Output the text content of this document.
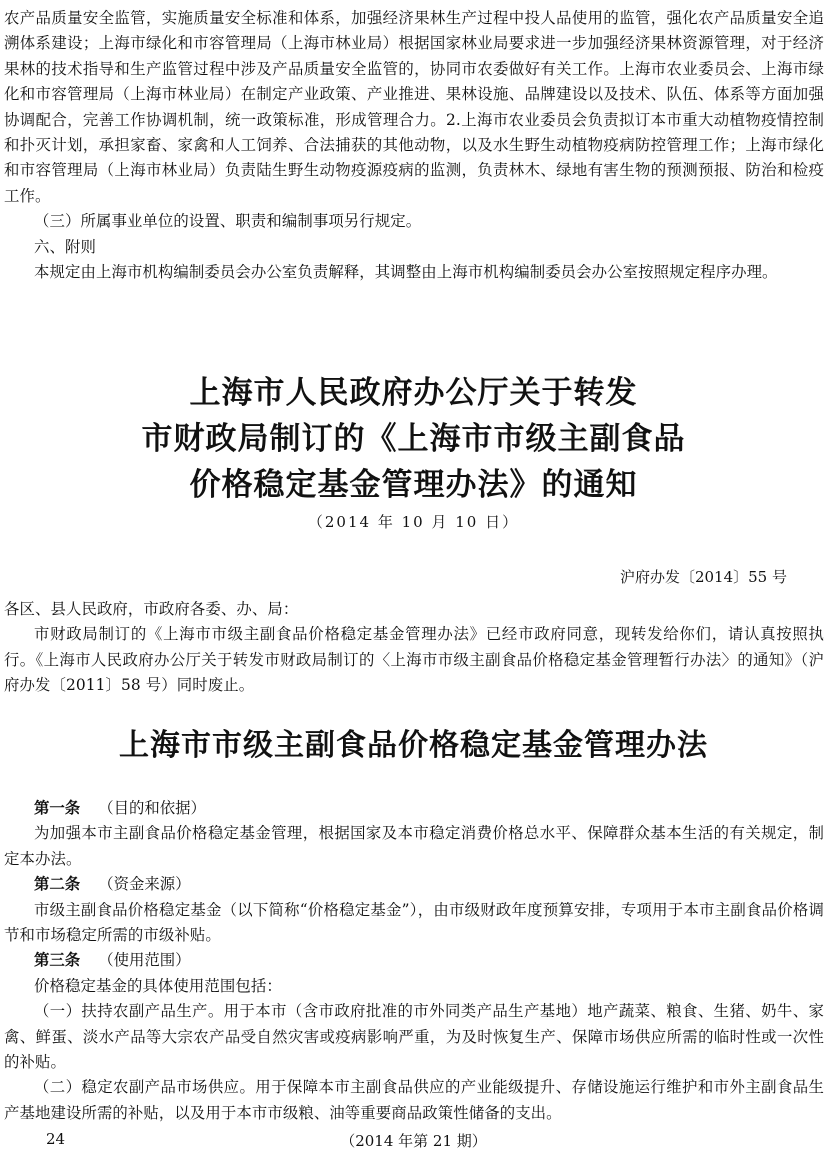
农产品质量安全监管，实施质量安全标准和体系，加强经济果林生产过程中投人品使用的监管，强化农产品质量安全追溯体系建设；上海市绿化和市容管理局（上海市林业局）根据国家林业局要求进一步加强经济果林资源管理，对于经济果林的技术指导和生产监管过程中涉及产品质量安全监管的，协同市农委做好有关工作。上海市农业委员会、上海市绿化和市容管理局（上海市林业局）在制定产业政策、产业推进、果林设施、品牌建设以及技术、队伍、体系等方面加强协调配合，完善工作协调机制，统一政策标准，形成管理合力。2.上海市农业委员会负责拟订本市重大动植物疫情控制和扑灭计划，承担家畜、家禽和人工饲养、合法捕获的其他动物，以及水生野生动植物疫病防控管理工作；上海市绿化和市容管理局（上海市林业局）负责陆生野生动物疫源疫病的监测，负责林木、绿地有害生物的预测预报、防治和检疫工作。

（三）所属事业单位的设置、职责和编制事项另行规定。

六、附则

本规定由上海市机构编制委员会办公室负责解释，其调整由上海市机构编制委员会办公室按照规定程序办理。

上海市人民政府办公厅关于转发
市财政局制订的《上海市市级主副食品
价格稳定基金管理办法》的通知
（2014 年 10 月 10 日）
沪府办发〔2014〕55 号

各区、县人民政府，市政府各委、办、局：

市财政局制订的《上海市市级主副食品价格稳定基金管理办法》已经市政府同意，现转发给你们，请认真按照执行。《上海市人民政府办公厅关于转发市财政局制订的〈上海市市级主副食品价格稳定基金管理暂行办法〉的通知》（沪府办发〔2011〕58 号）同时废止。

上海市市级主副食品价格稳定基金管理办法

第一条 （目的和依据）

为加强本市主副食品价格稳定基金管理，根据国家及本市稳定消费价格总水平、保障群众基本生活的有关规定，制定本办法。

第二条 （资金来源）

市级主副食品价格稳定基金（以下简称“价格稳定基金”），由市级财政年度预算安排，专项用于本市主副食品价格调节和市场稳定所需的市级补贴。

第三条 （使用范围）

价格稳定基金的具体使用范围包括：

（一）扶持农副产品生产。用于本市（含市政府批准的市外同类产品生产基地）地产蔬菜、粮食、生猪、奶牛、家禽、鲜蛋、淡水产品等大宗农产品受自然灾害或疫病影响严重，为及时恢复生产、保障市场供应所需的临时性或一次性的补贴。

（二）稳定农副产品市场供应。用于保障本市主副食品供应的产业能级提升、存储设施运行维护和市外主副食品生产基地建设所需的补贴，以及用于本市市级粮、油等重要商品政策性储备的支出。

24	（2014 年第 21 期）
